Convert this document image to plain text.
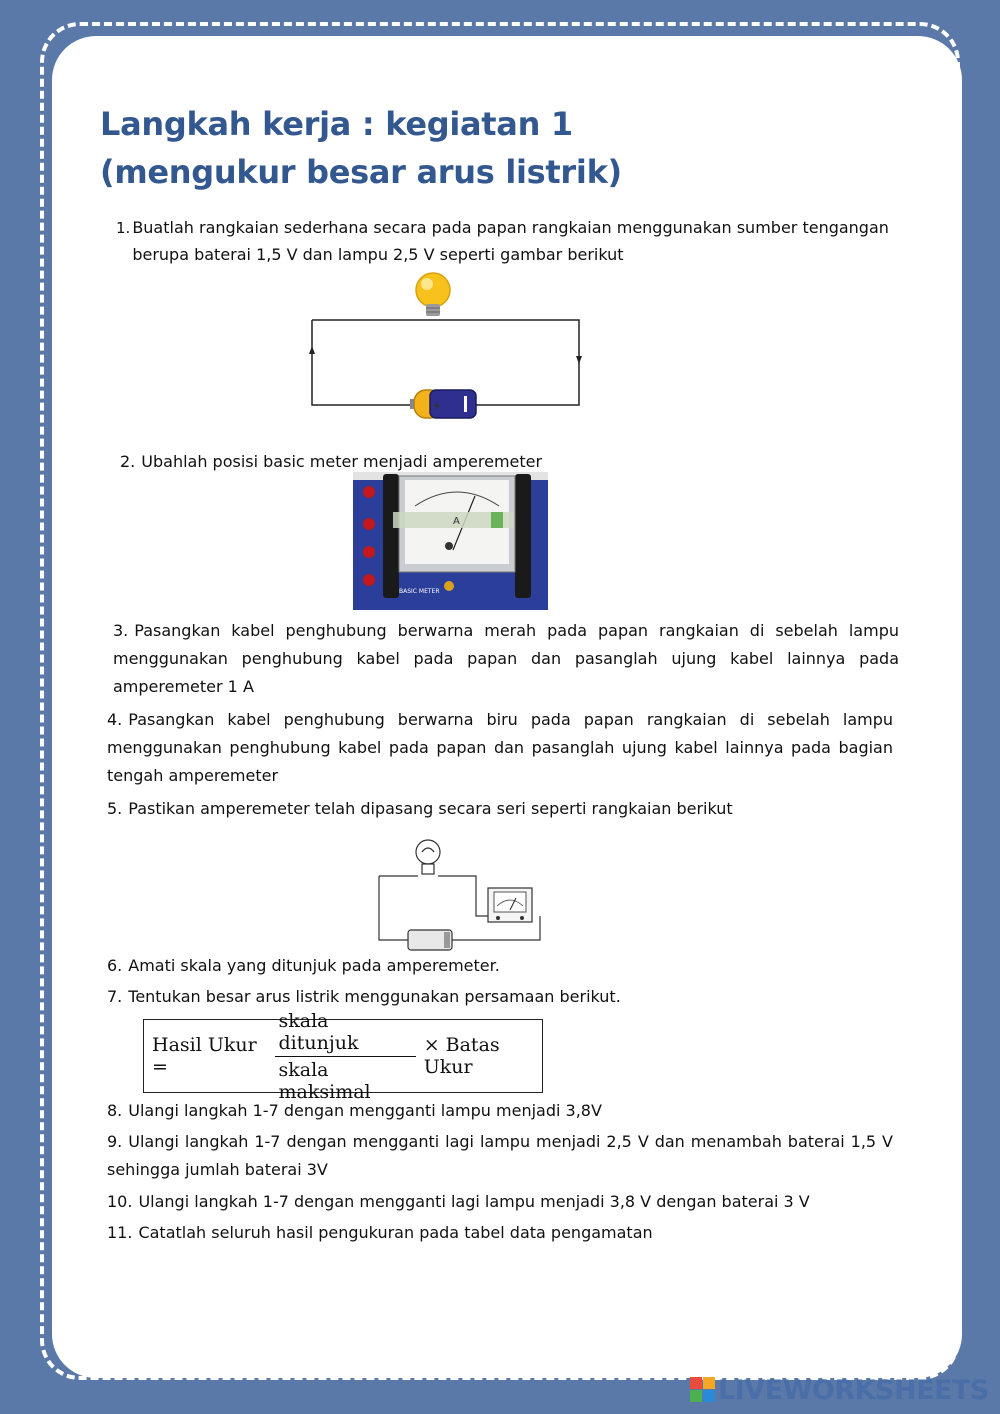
Langkah kerja : kegiatan 1
(mengukur besar arus listrik)
1. Buatlah rangkaian sederhana secara pada papan rangkaian menggunakan sumber tengangan berupa baterai 1,5 V dan lampu 2,5 V seperti gambar berikut
+
2. Ubahlah posisi basic meter menjadi amperemeter
A
BASIC METER
3. Pasangkan kabel penghubung berwarna merah pada papan rangkaian di sebelah lampu menggunakan penghubung kabel pada papan dan pasanglah ujung kabel lainnya pada amperemeter 1 A
4. Pasangkan kabel penghubung berwarna biru pada papan rangkaian di sebelah lampu menggunakan penghubung kabel pada papan dan pasanglah ujung kabel lainnya pada bagian tengah amperemeter
5. Pastikan amperemeter telah dipasang secara seri seperti rangkaian berikut
6. Amati skala yang ditunjuk pada amperemeter.
7. Tentukan besar arus listrik menggunakan persamaan berikut.
Hasil Ukur =	$\frac{\text{skala ditunjuk}}{\text{skala maksimal}}$ × Batas Ukur
8. Ulangi langkah 1-7 dengan mengganti lampu menjadi 3,8V
9. Ulangi langkah 1-7 dengan mengganti lagi lampu menjadi 2,5 V dan menambah baterai 1,5 V sehingga jumlah baterai 3V
10. Ulangi langkah 1-7 dengan mengganti lagi lampu menjadi 3,8 V dengan baterai 3 V
11. Catatlah seluruh hasil pengukuran pada tabel data pengamatan
LIVEWORKSHEETS
